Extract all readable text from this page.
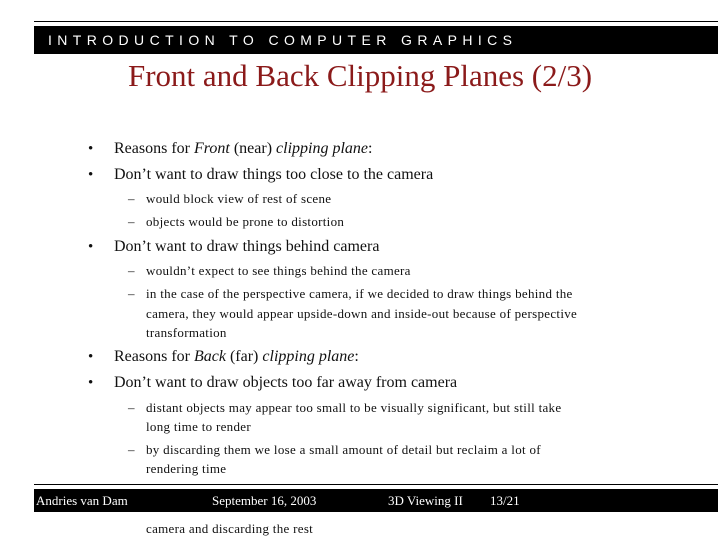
INTRODUCTION TO COMPUTER GRAPHICS
Front and Back Clipping Planes (2/3)
• Reasons for Front (near) clipping plane:
• Don’t want to draw things too close to the camera
– would block view of rest of scene
– objects would be prone to distortion
• Don’t want to draw things behind camera
– wouldn’t expect to see things behind the camera
– in the case of the perspective camera, if we decided to draw things behind the
camera, they would appear upside-down and inside-out because of perspective
transformation
• Reasons for Back (far) clipping plane:
• Don’t want to draw objects too far away from camera
– distant objects may appear too small to be visually significant, but still take
long time to render
– by discarding them we lose a small amount of detail but reclaim a lot of
rendering time
Andries van Dam	September 16, 2003	3D Viewing II 13/21
camera and discarding the rest
